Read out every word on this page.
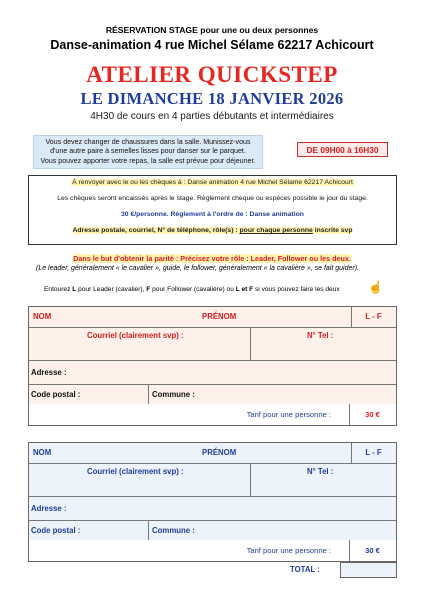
RÉSERVATION STAGE pour une ou deux personnes
Danse-animation 4 rue Michel Sélame 62217 Achicourt
ATELIER QUICKSTEP
LE DIMANCHE 18 JANVIER 2026
4H30 de cours en 4 parties débutants et intermédiaires
Vous devez changer de chaussures dans la salle. Munissez-vous
d'une autre paire à semelles lisses pour danser sur le parquet.
Vous pouvez apporter votre repas, la salle est prévue pour déjeuner.
DE 09H00 à 16H30
À renvoyer avec le ou les chèques à : Danse animation 4 rue Michel Sélame 62217 Achicourt
Les chèques seront encaissés après le stage. Règlement cheque ou espèces possible le jour du stage.
30 €/personne. Règlement à l'ordre de : Danse animation
Adresse postale, courriel, N° de téléphone, rôle(s) : pour chaque personne inscrite svp
Dans le but d'obtenir la parité : Précisez votre rôle : Leader, Follower ou les deux.
(Le leader, généralement « le cavalier », guide, le follower, généralement « la cavalière », se fait guider).
Entourez L pour Leader (cavalier), F pour Follower (cavalière) ou L et F si vous pouvez faire les deux ☝
NOM	PRÉNOM	L - F
Courriel (clairement svp) :	N° Tel :
Adresse :
Code postal :	Commune :
Tarif pour une personne :	30 €
NOM	PRÉNOM	L - F
Courriel (clairement svp) :	N° Tel :
Adresse :
Code postal :	Commune :
Tarif pour une personne :	30 €
TOTAL :
